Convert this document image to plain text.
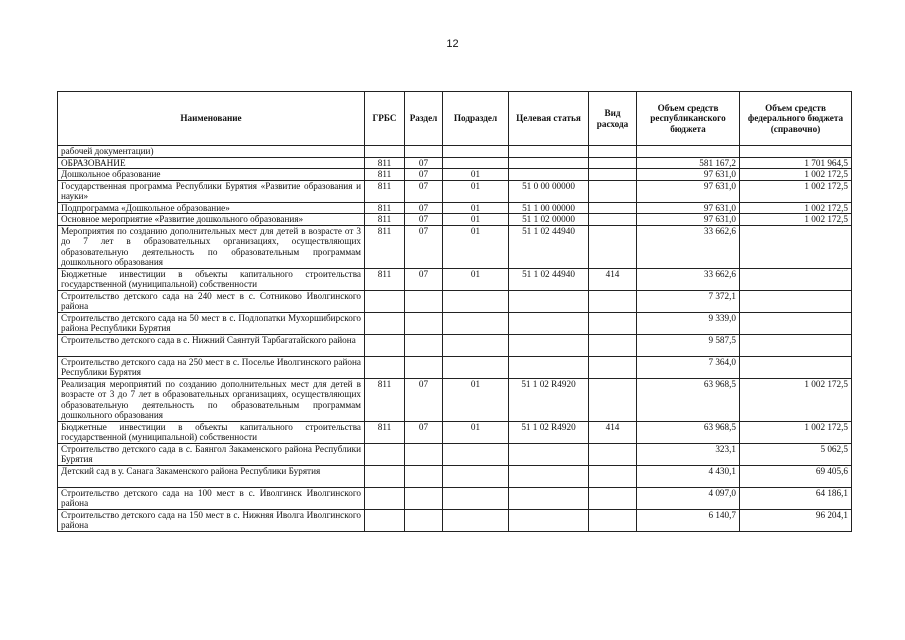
12
Наименование	ГРБС	Раздел	Подраздел	Целевая статья	Вид расхода	Объем средств республиканского бюджета	Объем средств федерального бюджета (справочно)
рабочей документации)							
ОБРАЗОВАНИЕ	811	07				581 167,2	1 701 964,5
Дошкольное образование	811	07	01			97 631,0	1 002 172,5
Государственная программа Республики Бурятия «Развитие образования и науки»	811	07	01	51 0 00 00000		97 631,0	1 002 172,5
Подпрограмма «Дошкольное образование»	811	07	01	51 1 00 00000		97 631,0	1 002 172,5
Основное мероприятие «Развитие дошкольного образования»	811	07	01	51 1 02 00000		97 631,0	1 002 172,5
Мероприятия по созданию дополнительных мест для детей в возрасте от 3 до 7 лет в образовательных организациях, осуществляющих образовательную деятельность по образовательным программам дошкольного образования	811	07	01	51 1 02 44940		33 662,6	
Бюджетные инвестиции в объекты капитального строительства государственной (муниципальной) собственности	811	07	01	51 1 02 44940	414	33 662,6	
Строительство детского сада на 240 мест в с. Сотниково Иволгинского района						7 372,1	
Строительство детского сада на 50 мест в с. Подлопатки Мухоршибирского района Республики Бурятия						9 339,0	
Строительство детского сада в с. Нижний Саянтуй Тарбагатайского района						9 587,5	
Строительство детского сада на 250 мест в с. Поселье Иволгинского района Республики Бурятия						7 364,0	
Реализация мероприятий по созданию дополнительных мест для детей в возрасте от 3 до 7 лет в образовательных организациях, осуществляющих образовательную деятельность по образовательным программам дошкольного образования	811	07	01	51 1 02 R4920		63 968,5	1 002 172,5
Бюджетные инвестиции в объекты капитального строительства государственной (муниципальной) собственности	811	07	01	51 1 02 R4920	414	63 968,5	1 002 172,5
Строительство детского сада в с. Баянгол Закаменского района Республики Бурятия						323,1	5 062,5
Детский сад в у. Санага Закаменского района Республики Бурятия						4 430,1	69 405,6
Строительство детского сада на 100 мест в с. Иволгинск Иволгинского района						4 097,0	64 186,1
Строительство детского сада на 150 мест в с. Нижняя Иволга Иволгинского района						6 140,7	96 204,1
